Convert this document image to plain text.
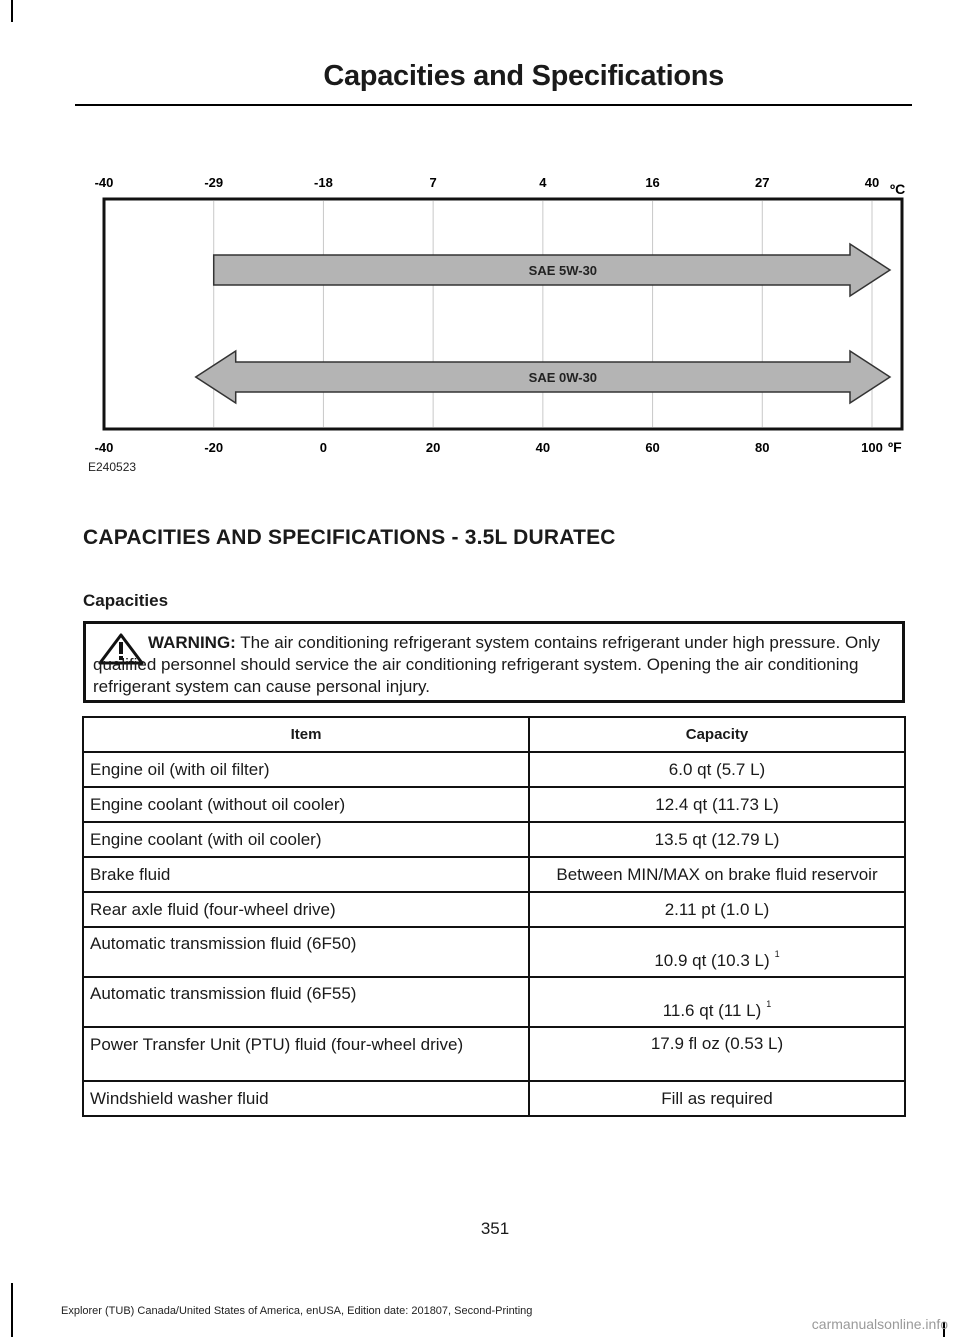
Capacities and Specifications
-40	-29	-18	7	4	16	27	40 ºC
SAE 5W-30
SAE 0W-30
-40	-20	0	20	40	60	80	100 ºF
E240523
CAPACITIES AND SPECIFICATIONS - 3.5L DURATEC
Capacities
WARNING: The air conditioning refrigerant system contains refrigerant under high pressure. Only qualified personnel should service the air conditioning refrigerant system. Opening the air conditioning refrigerant system can cause personal injury.
Item	Capacity
Engine oil (with oil filter)	6.0 qt (5.7 L)
Engine coolant (without oil cooler)	12.4 qt (11.73 L)
Engine coolant (with oil cooler)	13.5 qt (12.79 L)
Brake fluid	Between MIN/MAX on brake fluid reservoir
Rear axle fluid (four-wheel drive)	2.11 pt (1.0 L)
Automatic transmission fluid (6F50)	10.9 qt (10.3 L) $^1$
Automatic transmission fluid (6F55)	11.6 qt (11 L) $^1$
Power Transfer Unit (PTU) fluid (four-wheel drive)	17.9 fl oz (0.53 L)
Windshield washer fluid	Fill as required
351
Explorer (TUB) Canada/United States of America, enUSA, Edition date: 201807, Second-Printing
carmanualsonline.info
